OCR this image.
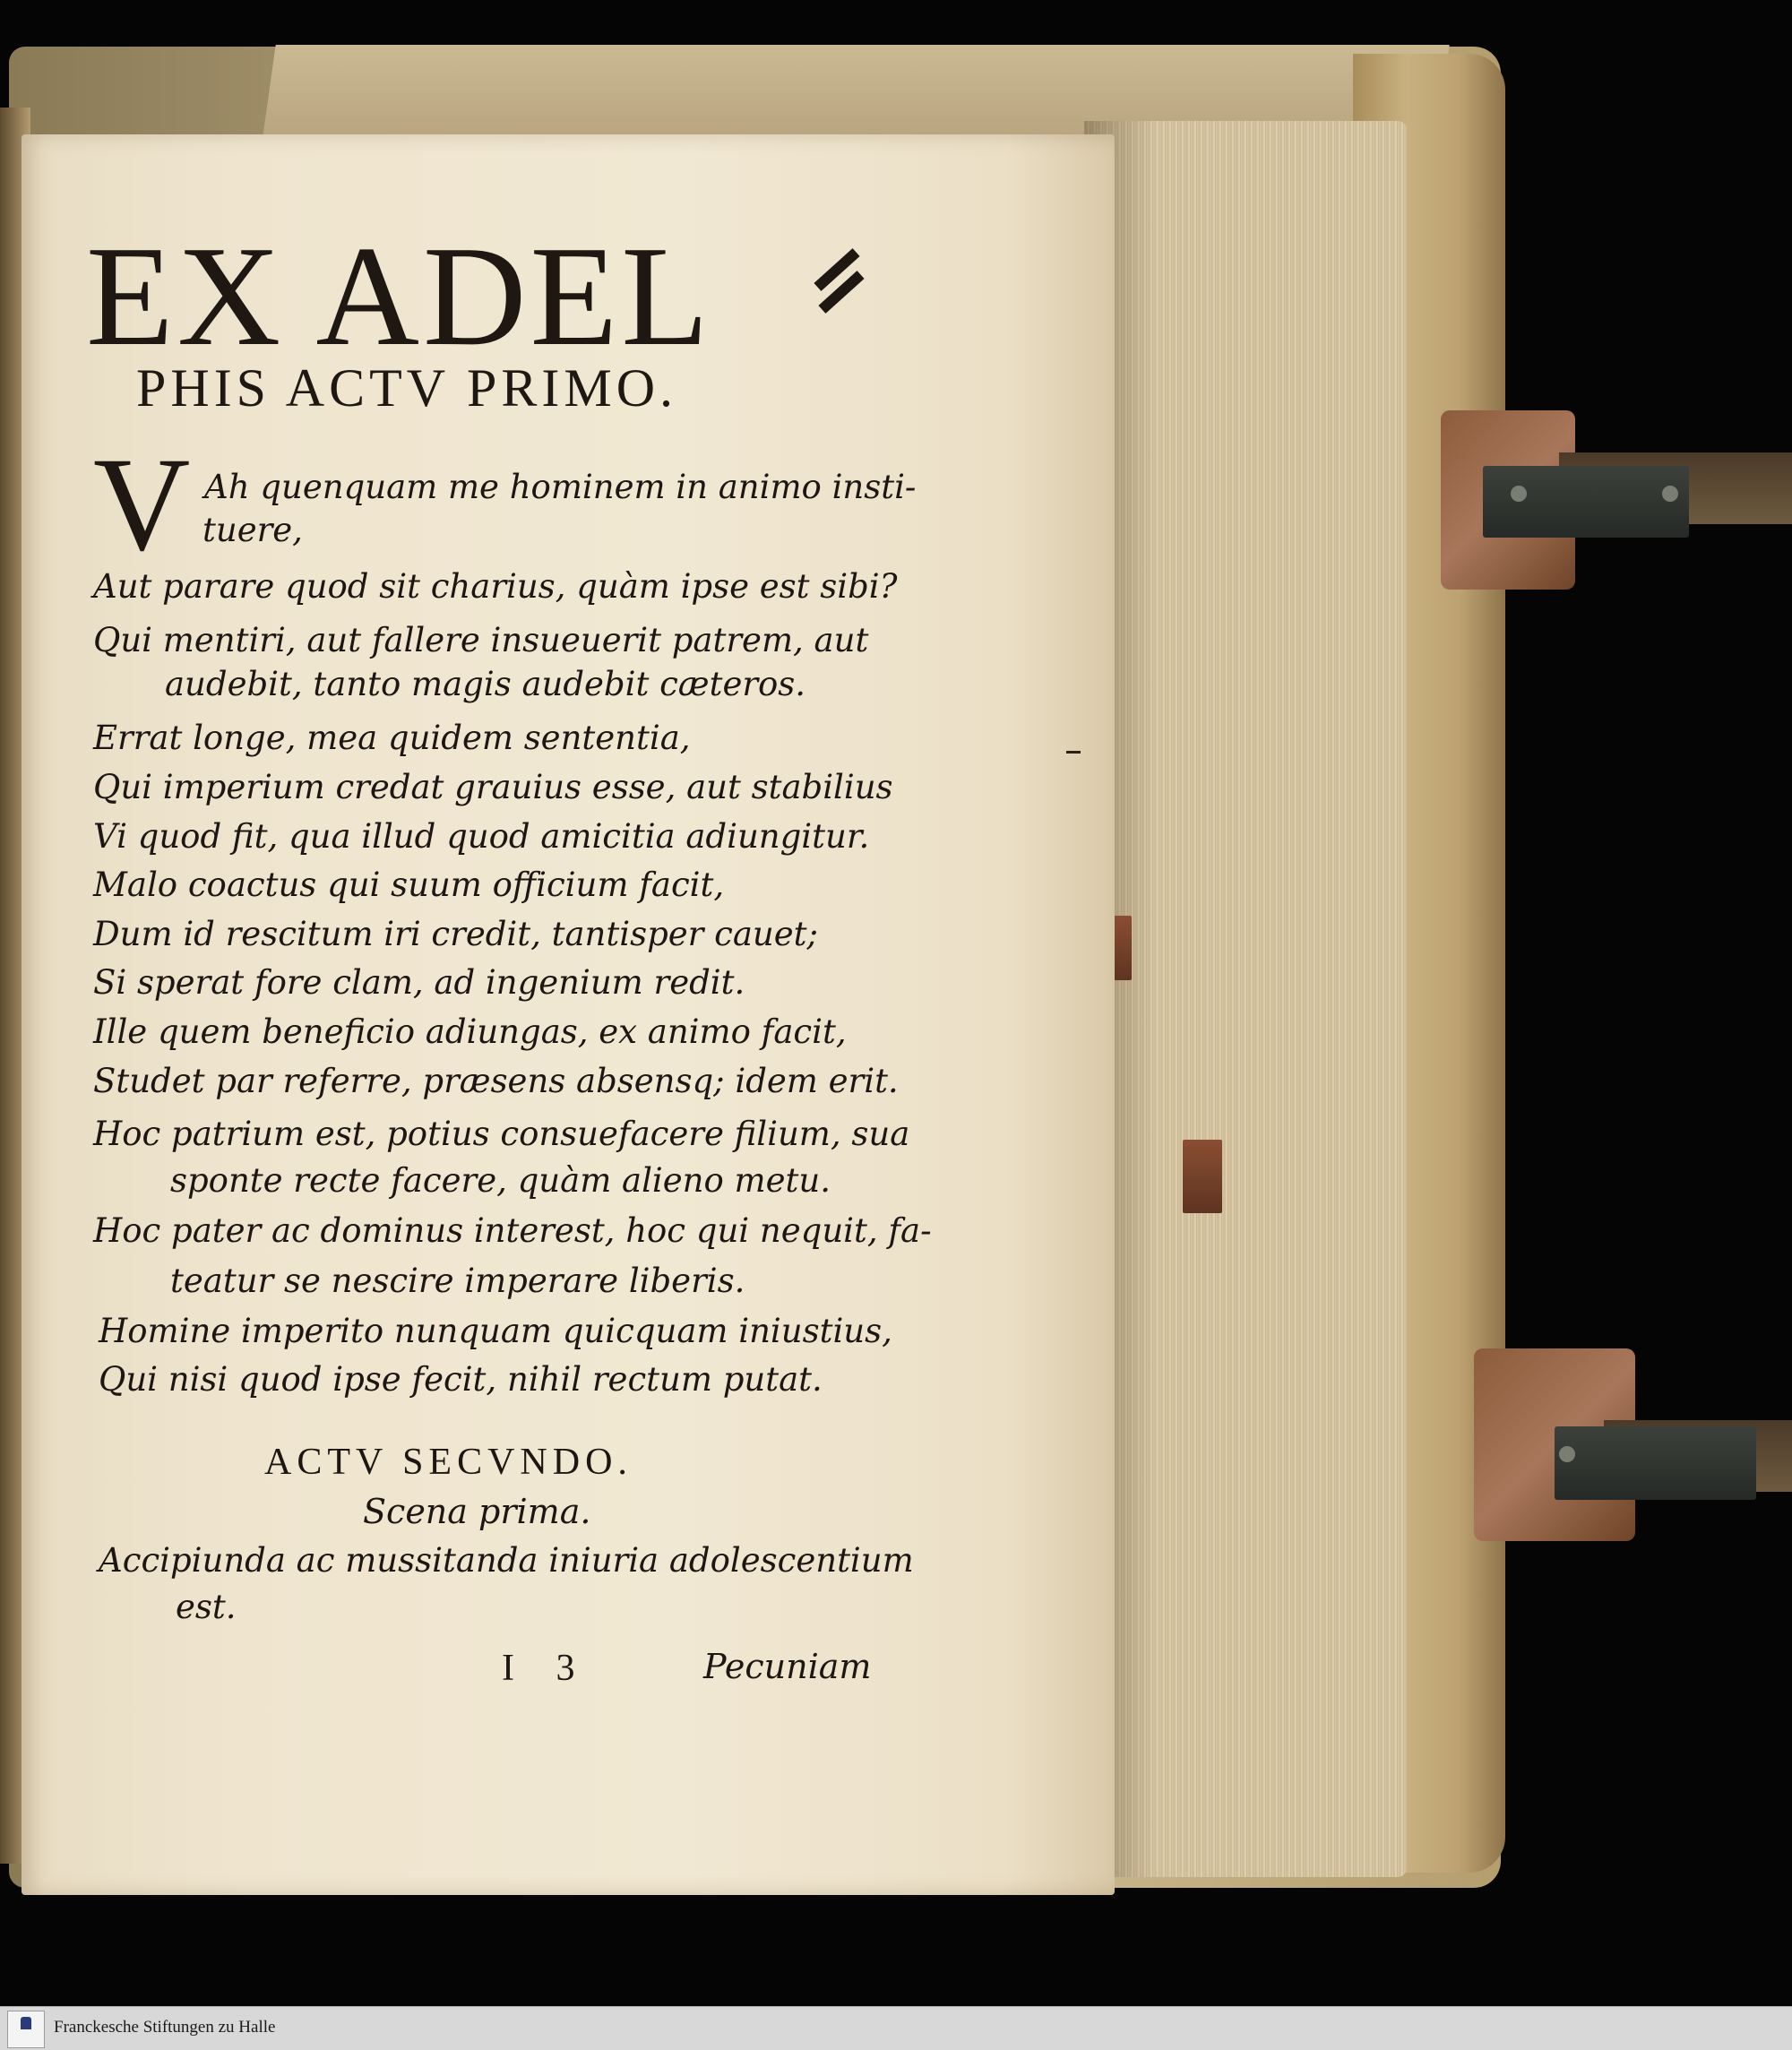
EX ADEL
PHIS ACTV PRIMO.
V Ah quenquam me hominem in animo insti-
tuere,
Aut parare quod sit charius, quàm ipse est sibi?
Qui mentiri, aut fallere insueuerit patrem, aut
audebit, tanto magis audebit cæteros.
Errat longe, mea quidem sententia,
Qui imperium credat grauius esse, aut stabilius
Vi quod fit, qua illud quod amicitia adiungitur.
Malo coactus qui suum officium facit,
Dum id rescitum iri credit, tantisper cauet;
Si sperat fore clam, ad ingenium redit.
Ille quem beneficio adiungas, ex animo facit,
Studet par referre, præsens absensq; idem erit.
Hoc patrium est, potius consuefacere filium, sua
sponte recte facere, quàm alieno metu.
Hoc pater ac dominus interest, hoc qui nequit, fa-
teatur se nescire imperare liberis.
Homine imperito nunquam quicquam iniustius,
Qui nisi quod ipse fecit, nihil rectum putat.
ACTV SECVNDO.
Scena prima.
Accipiunda ac mussitanda iniuria adolescentium
est.
I 3	Pecuniam
Franckesche Stiftungen zu Halle
